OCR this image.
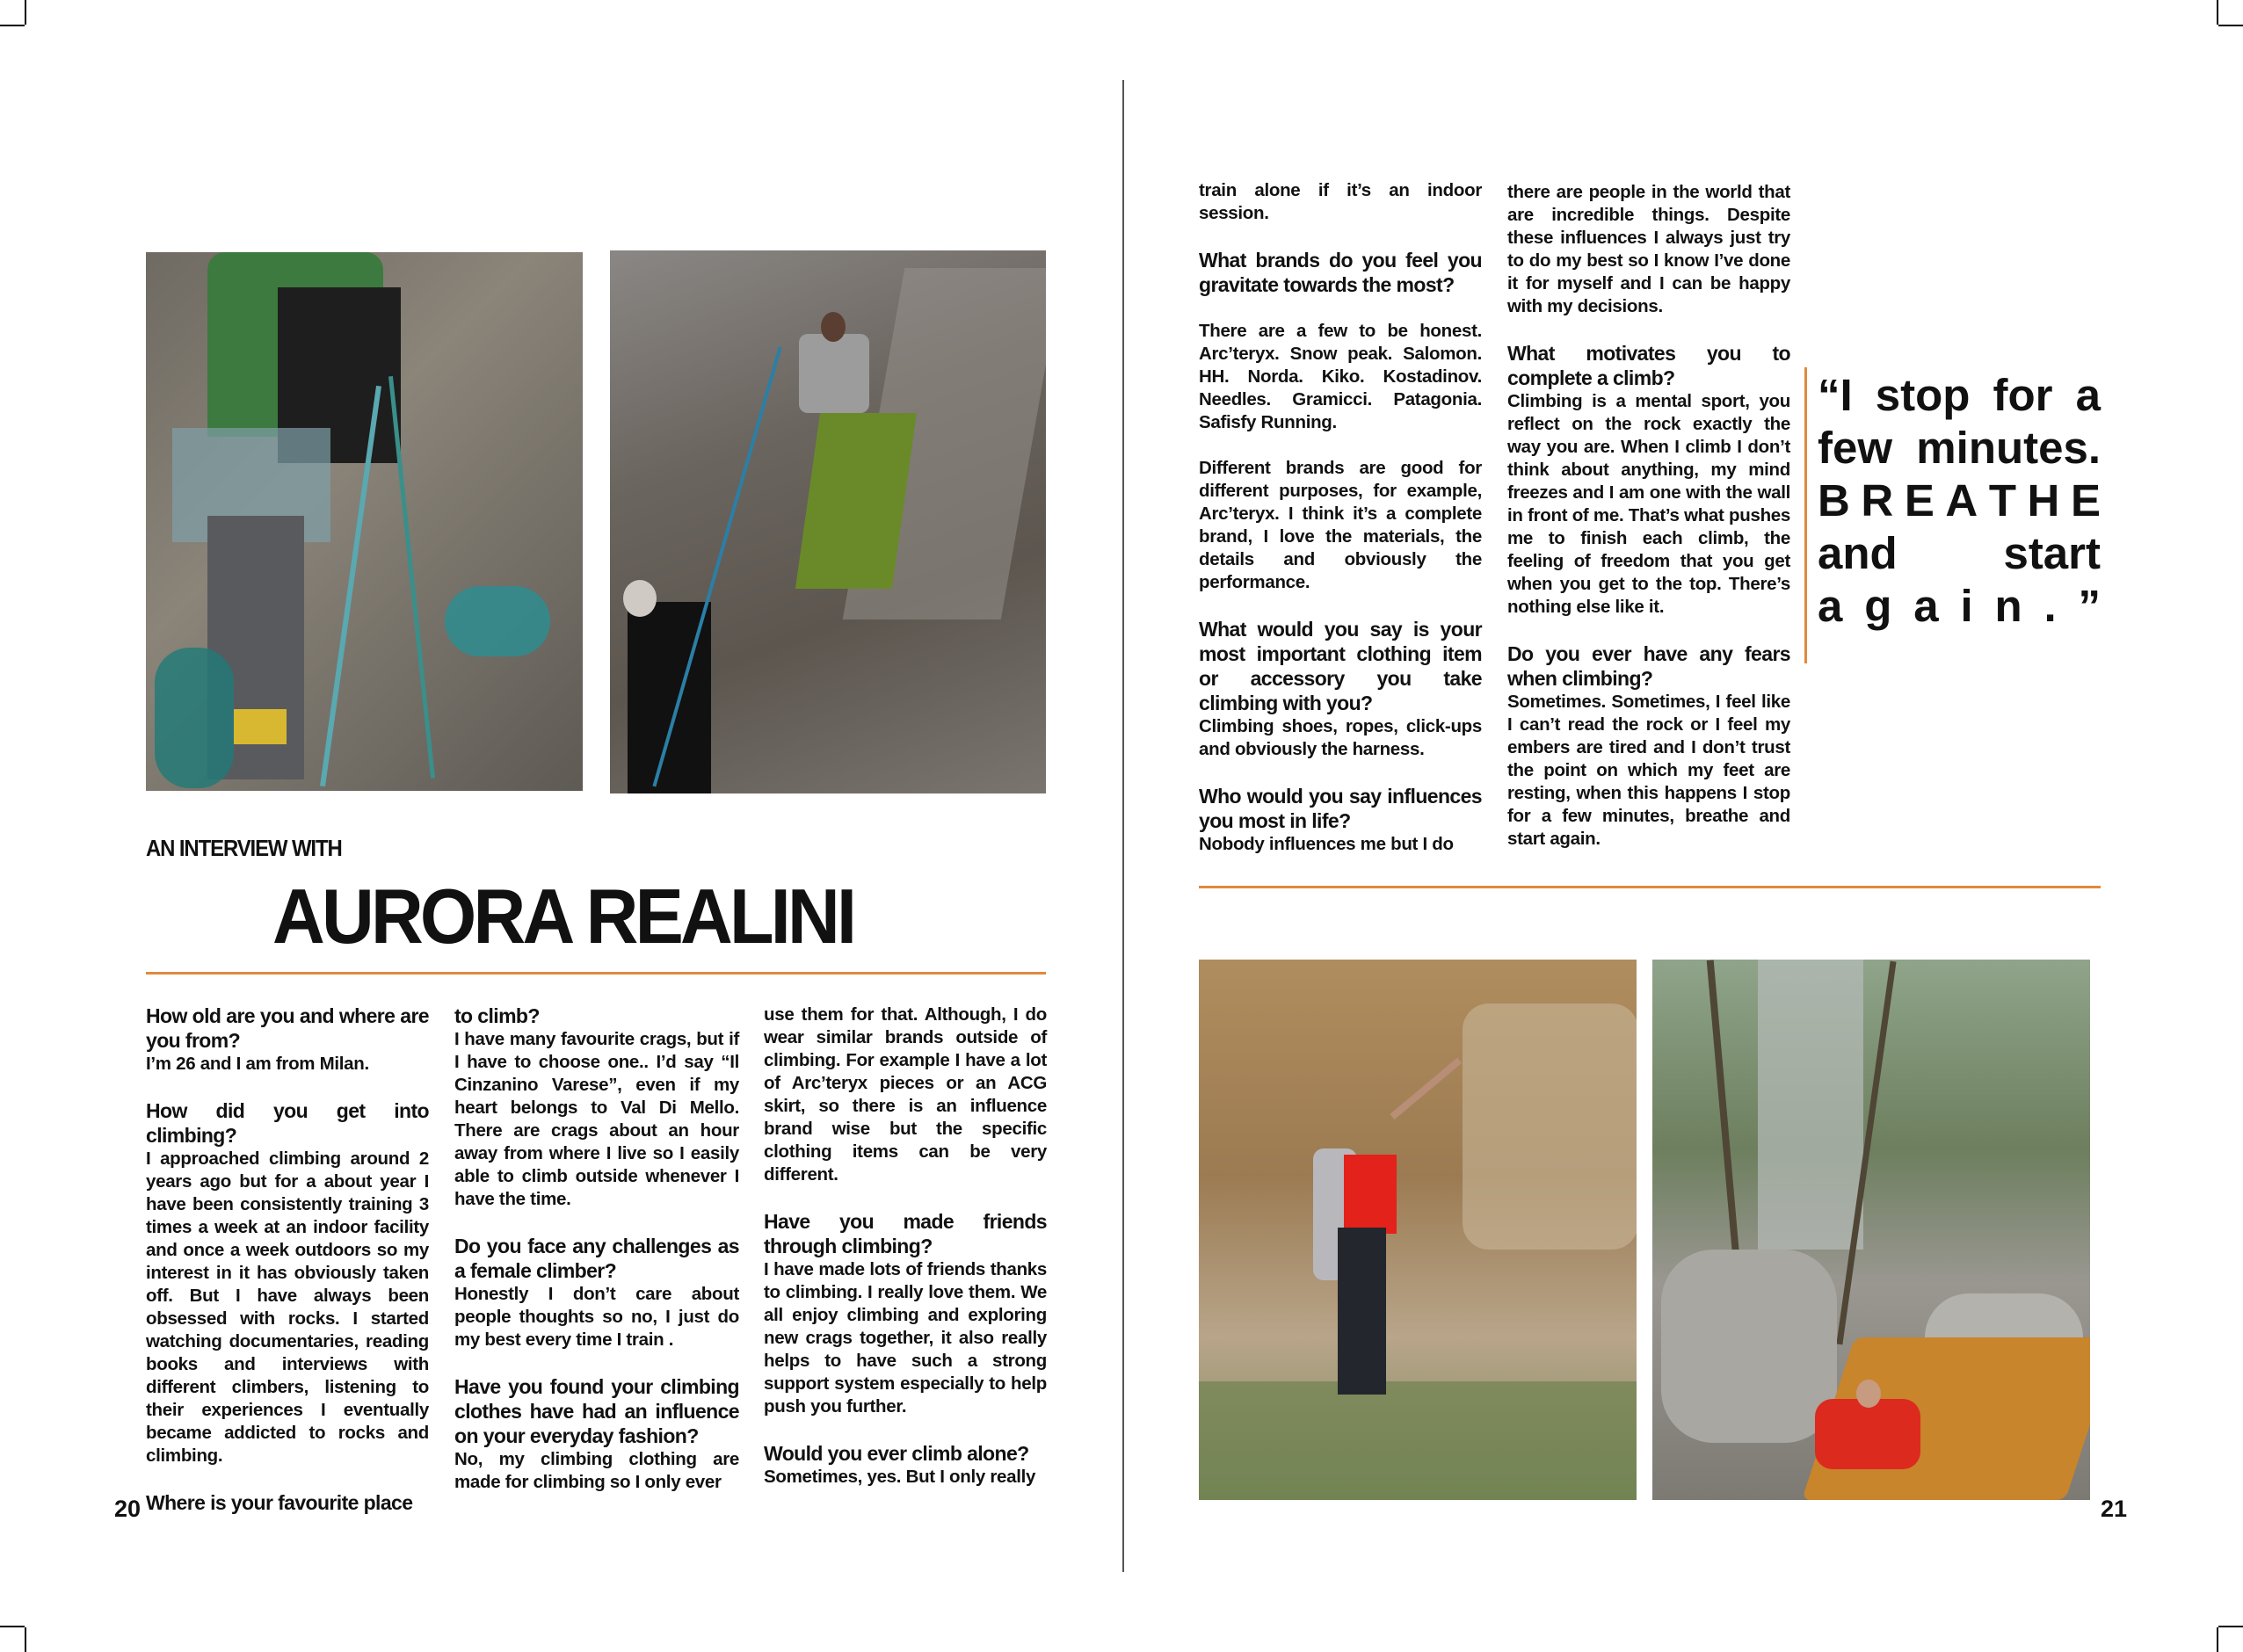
AN INTERVIEW WITH
AURORA REALINI

How old are you and where are you from?

I’m 26 and I am from Milan.

How did you get into climbing?

I approached climbing around 2 years ago but for a about year I have been consistently training 3 times a week at an indoor facility and once a week outdoors so my interest in it has obviously taken off. But I have always been obsessed with rocks. I started watching documentaries, reading books and interviews with different climbers, listening to their experiences I eventually became addicted to rocks and climbing.

Where is your favourite place

to climb?

I have many favourite crags, but if I have to choose one.. I’d say “Il Cinzanino Varese”, even if my heart belongs to Val Di Mello. There are crags about an hour away from where I live so I easily able to climb outside whenever I have the time.

Do you face any challenges as a female climber?

Honestly I don’t care about people thoughts so no, I just do my best every time I train .

Have you found your climbing clothes have had an influence on your everyday fashion?

No, my climbing clothing are made for climbing so I only ever

use them for that. Although, I do wear similar brands outside of climbing. For example I have a lot of Arc’teryx pieces or an ACG skirt, so there is an influence brand wise but the specific clothing items can be very different.

Have you made friends through climbing?

I have made lots of friends thanks to climbing. I really love them. We all enjoy climbing and exploring new crags together, it also really helps to have such a strong support system especially to help push you further.

Would you ever climb alone?

Sometimes, yes. But I only really

20

train alone if it’s an indoor session.

What brands do you feel you gravitate towards the most?

There are a few to be honest. Arc’teryx. Snow peak. Salomon. HH. Norda. Kiko. Kostadinov. Needles. Gramicci. Patagonia. Safisfy Running.

Different brands are good for different purposes, for example, Arc’teryx. I think it’s a complete brand, I love the materials, the details and obviously the performance.

What would you say is your most important clothing item or accessory you take climbing with you?

Climbing shoes, ropes, click-ups and obviously the harness.

Who would you say influences you most in life?

Nobody influences me but I do

there are people in the world that are incredible things. Despite these influences I always just try to do my best so I know I’ve done it for myself and I can be happy with my decisions.

What motivates you to complete a climb?

Climbing is a mental sport, you reflect on the rock exactly the way you are. When I climb I don’t think about anything, my mind freezes and I am one with the wall in front of me. That’s what pushes me to finish each climb, the feeling of freedom that you get when you get to the top. There’s nothing else like it.

Do you ever have any fears when climbing?

Sometimes. Sometimes, I feel like I can’t read the rock or I feel my embers are tired and I don’t trust the point on which my feet are resting, when this happens I stop for a few minutes, breathe and start again.

“I stop for a
few minutes.
B R E A T H E
and start
a g a i n . ”
21
